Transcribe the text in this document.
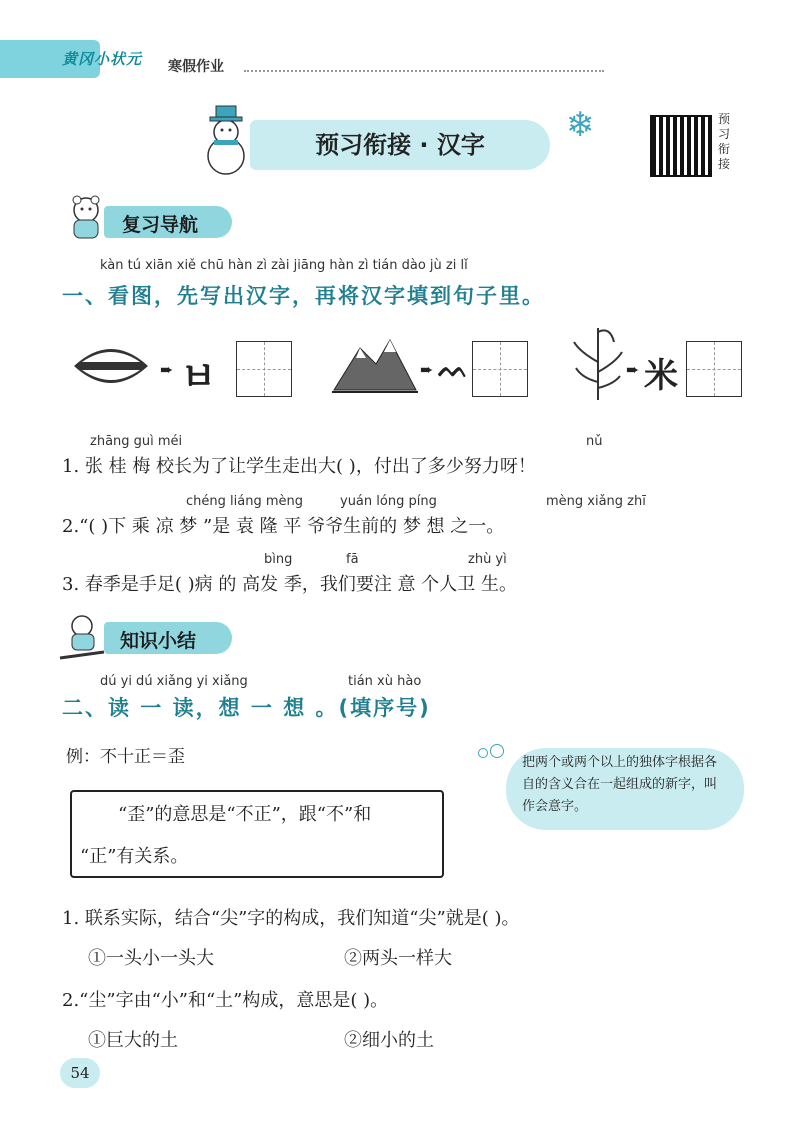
黄冈小状元 寒假作业
预习衔接 · 汉字	❄	预习衔接
复习导航
kàn tú xiān xiě chū hàn zì zài jiāng hàn zì tián dào jù zi lǐ
一、看图，先写出汉字，再将汉字填到句子里。
➨ ㅂ	➨ ᨓ	➨ 米
zhāng guì méi	nǔ
1. 张 桂 梅 校长为了让学生走出大( )，付出了多少努力呀！
chéng liáng mèng	yuán lóng píng	mèng xiǎng zhī
2.“( )下 乘 凉 梦 ”是 袁 隆 平 爷爷生前的 梦 想 之一。
bìng	fā	zhù yì
3. 春季是手足( )病 的 高发 季，我们要注 意 个人卫 生。
知识小结
dú yi dú xiǎng yi xiǎng	tián xù hào
二、读 一 读，想 一 想 。(填序号)
例：不十正＝歪
“歪”的意思是“不正”，跟“不”和
“正”有关系。
把两个或两个以上的独体字根据各自的含义合在一起组成的新字，叫作会意字。
1. 联系实际，结合“尖”字的构成，我们知道“尖”就是( )。
①一头小一头大	②两头一样大
2.“尘”字由“小”和“土”构成，意思是( )。
①巨大的土	②细小的土
54
